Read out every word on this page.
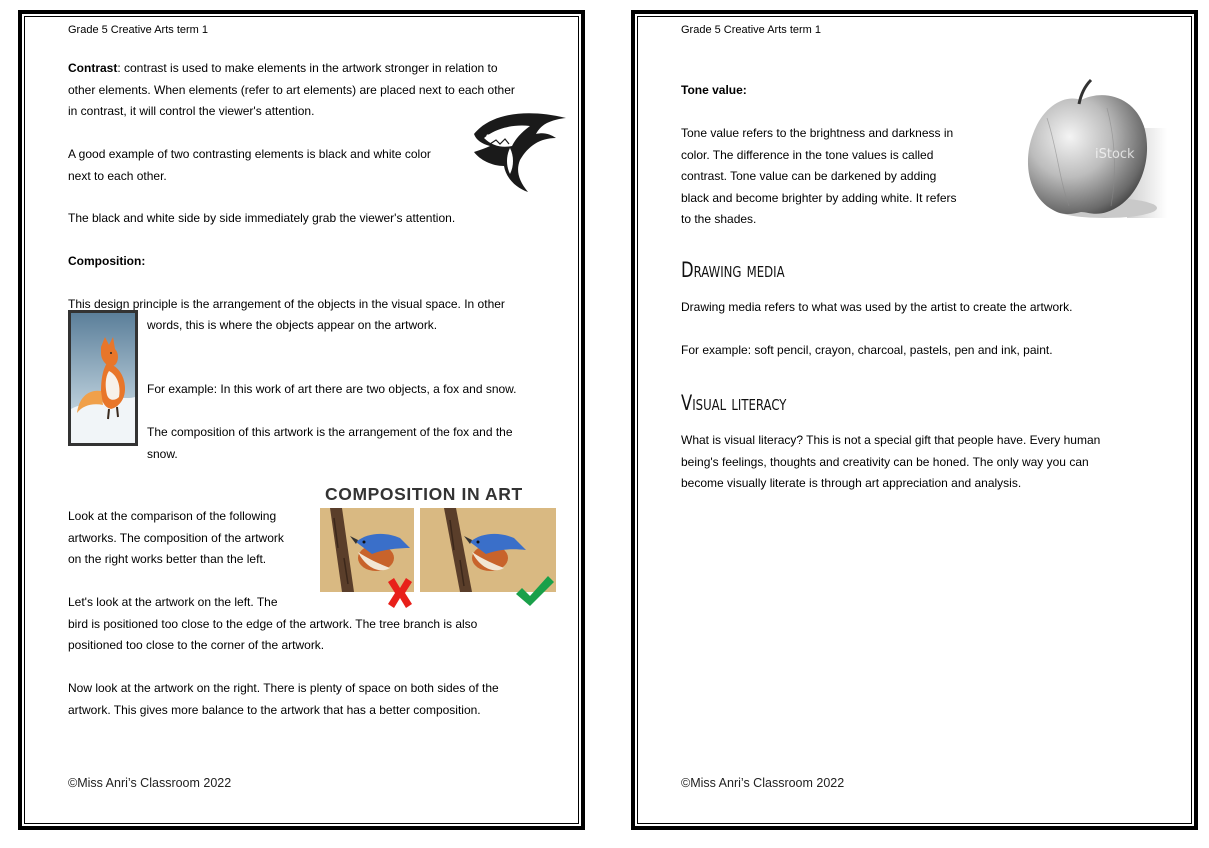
Grade 5 Creative Arts term 1
Contrast: contrast is used to make elements in the artwork stronger in relation to
other elements. When elements (refer to art elements) are placed next to each other
in contrast, it will control the viewer's attention.
A good example of two contrasting elements is black and white color
next to each other.
The black and white side by side immediately grab the viewer's attention.
Composition:
This design principle is the arrangement of the objects in the visual space. In other
words, this is where the objects appear on the artwork.
For example: In this work of art there are two objects, a fox and snow.
The composition of this artwork is the arrangement of the fox and the
snow.
COMPOSITION IN ART
Look at the comparison of the following
artworks. The composition of the artwork
on the right works better than the left.
Let's look at the artwork on the left. The
bird is positioned too close to the edge of the artwork. The tree branch is also
positioned too close to the corner of the artwork.
Now look at the artwork on the right. There is plenty of space on both sides of the
artwork. This gives more balance to the artwork that has a better composition.
©Miss Anri’s Classroom 2022
Grade 5 Creative Arts term 1
Tone value:
iStock
Tone value refers to the brightness and darkness in
color. The difference in the tone values is called
contrast. Tone value can be darkened by adding
black and become brighter by adding white. It refers
to the shades.
Drawing media
Drawing media refers to what was used by the artist to create the artwork.
For example: soft pencil, crayon, charcoal, pastels, pen and ink, paint.
Visual literacy
What is visual literacy? This is not a special gift that people have. Every human
being's feelings, thoughts and creativity can be honed. The only way you can
become visually literate is through art appreciation and analysis.
©Miss Anri’s Classroom 2022
